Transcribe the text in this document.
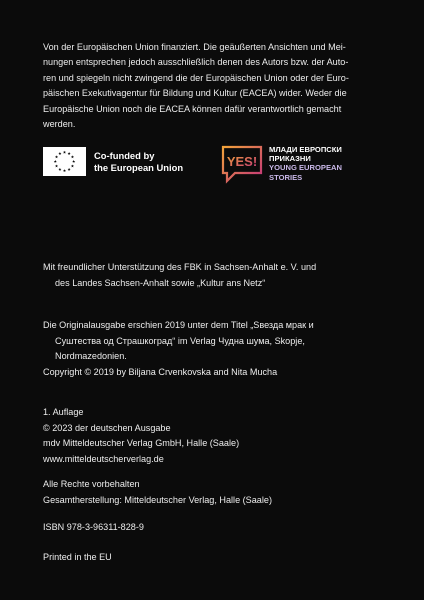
Von der Europäischen Union finanziert. Die geäußerten Ansichten und Mei-
nungen entsprechen jedoch ausschließlich denen des Autors bzw. der Auto-
ren und spiegeln nicht zwingend die der Europäischen Union oder der Euro-
päischen Exekutivagentur für Bildung und Kultur (EACEA) wider. Weder die
Europäische Union noch die EACEA können dafür verantwortlich gemacht
werden.
Co-funded by
the European Union	YES!
МЛАДИ ЕВРОПСКИ
ПРИКАЗНИ
YOUNG EUROPEAN
STORIES
Mit freundlicher Unterstützung des FBK in Sachsen-Anhalt e. V. und
des Landes Sachsen-Anhalt sowie „Kultur ans Netz“
Die Originalausgabe erschien 2019 unter dem Titel „Ѕвезда мрак и
Суштества од Страшкоград“ im Verlag Чудна шума, Skopje,
Nordmazedonien.
Copyright © 2019 by Biljana Crvenkovska and Nita Mucha
1. Auflage
© 2023 der deutschen Ausgabe
mdv Mitteldeutscher Verlag GmbH, Halle (Saale)
www.mitteldeutscherverlag.de
Alle Rechte vorbehalten
Gesamtherstellung: Mitteldeutscher Verlag, Halle (Saale)
ISBN 978-3-96311-828-9
Printed in the EU
